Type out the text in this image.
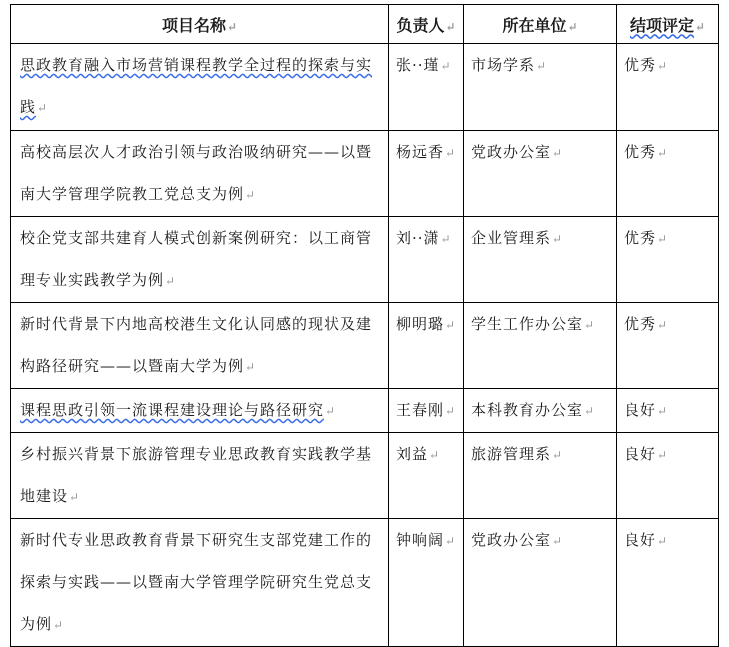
项目名称↵	负责人↵	所在单位↵	结项评定↵

思政教育融入市场营销课程教学全过程的探索与实践↵	张··瑾↵	市场学系↵	优秀↵

高校高层次人才政治引领与政治吸纳研究——以暨南大学管理学院教工党总支为例↵	杨远香↵	党政办公室↵	优秀↵

校企党支部共建育人模式创新案例研究：以工商管理专业实践教学为例↵	刘··潇↵	企业管理系↵	优秀↵

新时代背景下内地高校港生文化认同感的现状及建构路径研究——以暨南大学为例↵	柳明璐↵	学生工作办公室↵	优秀↵

课程思政引领一流课程建设理论与路径研究↵	王春刚↵	本科教育办公室↵	良好↵

乡村振兴背景下旅游管理专业思政教育实践教学基地建设↵	刘益↵	旅游管理系↵	良好↵

新时代专业思政教育背景下研究生支部党建工作的探索与实践——以暨南大学管理学院研究生党总支为例↵	钟响阔↵	党政办公室↵	良好↵
